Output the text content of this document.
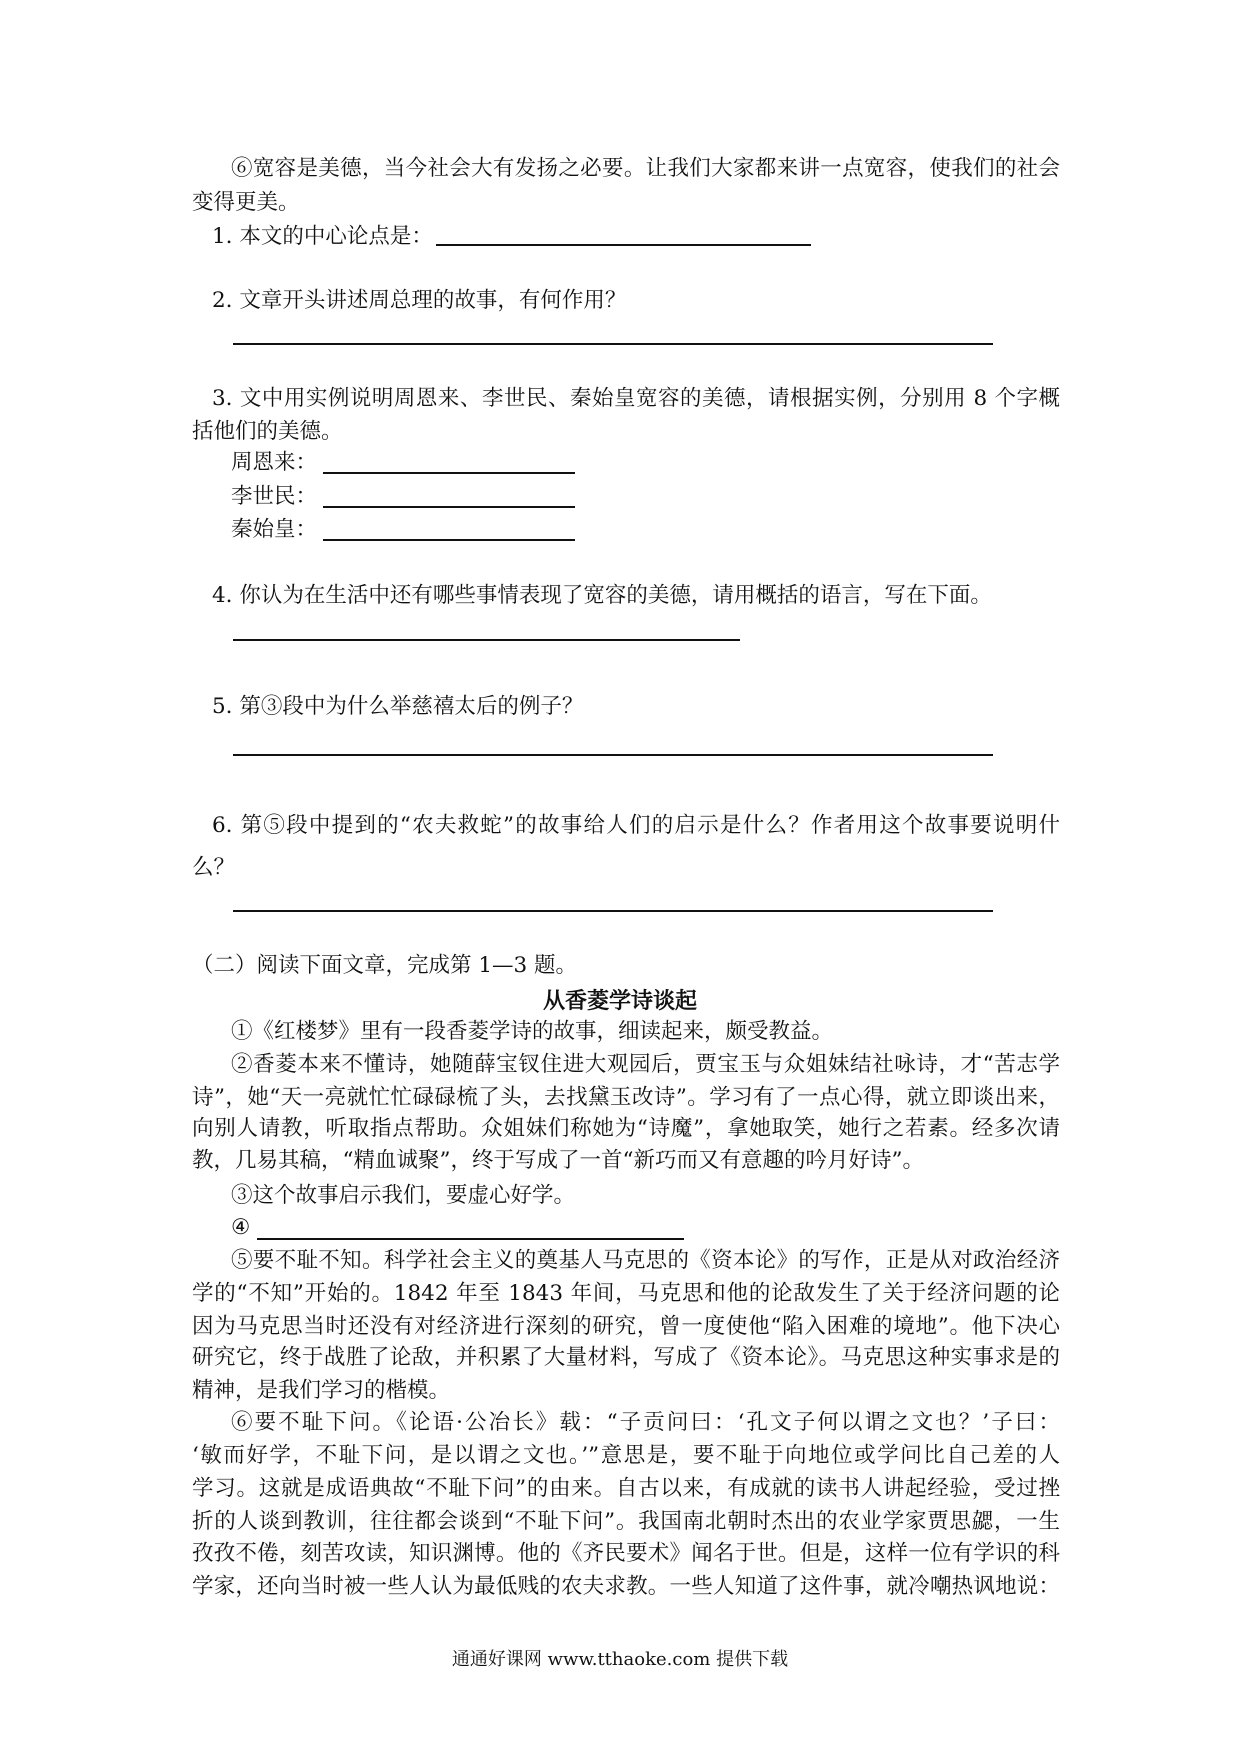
⑥宽容是美德，当今社会大有发扬之必要。让我们大家都来讲一点宽容，使我们的社会
变得更美。
1. 本文的中心论点是：
2. 文章开头讲述周总理的故事，有何作用？
3. 文中用实例说明周恩来、李世民、秦始皇宽容的美德，请根据实例，分别用 8 个字概
括他们的美德。
周恩来：
李世民：
秦始皇：
4. 你认为在生活中还有哪些事情表现了宽容的美德，请用概括的语言，写在下面。
5. 第③段中为什么举慈禧太后的例子？
6. 第⑤段中提到的“农夫救蛇”的故事给人们的启示是什么？作者用这个故事要说明什
么？
（二）阅读下面文章，完成第 1—3 题。
从香菱学诗谈起
①《红楼梦》里有一段香菱学诗的故事，细读起来，颇受教益。
②香菱本来不懂诗，她随薛宝钗住进大观园后，贾宝玉与众姐妹结社咏诗，才“苦志学
诗”，她“天一亮就忙忙碌碌梳了头，去找黛玉改诗”。学习有了一点心得，就立即谈出来，
向别人请教，听取指点帮助。众姐妹们称她为“诗魔”，拿她取笑，她行之若素。经多次请
教，几易其稿，“精血诚聚”，终于写成了一首“新巧而又有意趣的吟月好诗”。
③这个故事启示我们，要虚心好学。
④
⑤要不耻不知。科学社会主义的奠基人马克思的《资本论》的写作，正是从对政治经济
学的“不知”开始的。1842 年至 1843 年间，马克思和他的论敌发生了关于经济问题的论
因为马克思当时还没有对经济进行深刻的研究，曾一度使他“陷入困难的境地”。他下决心
研究它，终于战胜了论敌，并积累了大量材料，写成了《资本论》。马克思这种实事求是的
精神，是我们学习的楷模。
⑥要不耻下问。《论语·公冶长》载：“子贡问曰：‘孔文子何以谓之文也？’子曰：
‘敏而好学，不耻下问，是以谓之文也。’”意思是，要不耻于向地位或学问比自己差的人
学习。这就是成语典故“不耻下问”的由来。自古以来，有成就的读书人讲起经验，受过挫
折的人谈到教训，往往都会谈到“不耻下问”。我国南北朝时杰出的农业学家贾思勰，一生
孜孜不倦，刻苦攻读，知识渊博。他的《齐民要术》闻名于世。但是，这样一位有学识的科
学家，还向当时被一些人认为最低贱的农夫求教。一些人知道了这件事，就冷嘲热讽地说：
通通好课网 www.tthaoke.com 提供下载
